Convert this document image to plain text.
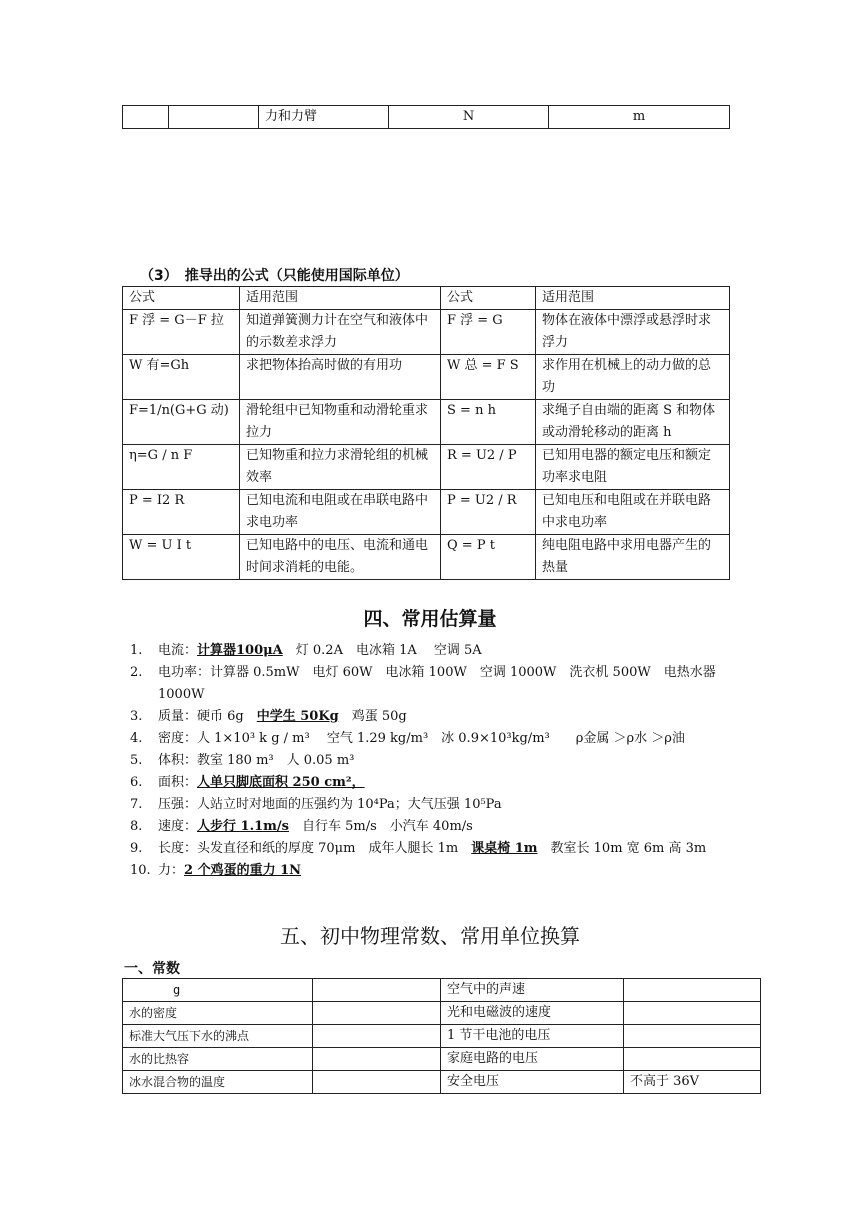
		力和力臂	N	m
（3）　推导出的公式（只能使用国际单位）
公式	适用范围	公式	适用范围
F 浮 = G－F 拉	知道弹簧测力计在空气和液体中的示数差求浮力	F 浮 = G	物体在液体中漂浮或悬浮时求浮力
W 有=Gh	求把物体抬高时做的有用功	W 总 = F S	求作用在机械上的动力做的总功
F=1/n(G+G 动)	滑轮组中已知物重和动滑轮重求拉力	S = n h	求绳子自由端的距离 S 和物体或动滑轮移动的距离 h
η=G / n F	已知物重和拉力求滑轮组的机械效率	R = U2 / P	已知用电器的额定电压和额定功率求电阻
P = I2 R	已知电流和电阻或在串联电路中求电功率	P = U2 / R	已知电压和电阻或在并联电路中求电功率
W = U I t	已知电路中的电压、电流和通电时间求消耗的电能。	Q = P t	纯电阻电路中求用电器产生的热量
四、常用估算量
1. 电流：计算器100μA　灯 0.2A　电冰箱 1A　 空调 5A
2. 电功率：计算器 0.5mW　电灯 60W　电冰箱 100W　空调 1000W　洗衣机 500W　电热水器 1000W
3. 质量：硬币 6g　中学生 50Kg　鸡蛋 50g
4. 密度：人 1×10³ k g / m³　 空气 1.29 kg/m³　冰 0.9×10³kg/m³　　ρ金属 ＞ρ水 ＞ρ油
5. 体积：教室 180 m³　人 0.05 m³
6. 面积：人单只脚底面积 250 cm²，
7. 压强：人站立时对地面的压强约为 10⁴Pa；大气压强 10⁵Pa
8. 速度：人步行 1.1m/s　自行车 5m/s　小汽车 40m/s
9. 长度：头发直径和纸的厚度 70μm　成年人腿长 1m　课桌椅 1m　教室长 10m 宽 6m 高 3m
10. 力：2 个鸡蛋的重力 1N
五、初中物理常数、常用单位换算
一、常数
g		空气中的声速	
水的密度		光和电磁波的速度	
标准大气压下水的沸点		1 节干电池的电压	
水的比热容		家庭电路的电压	
冰水混合物的温度		安全电压	不高于 36V
